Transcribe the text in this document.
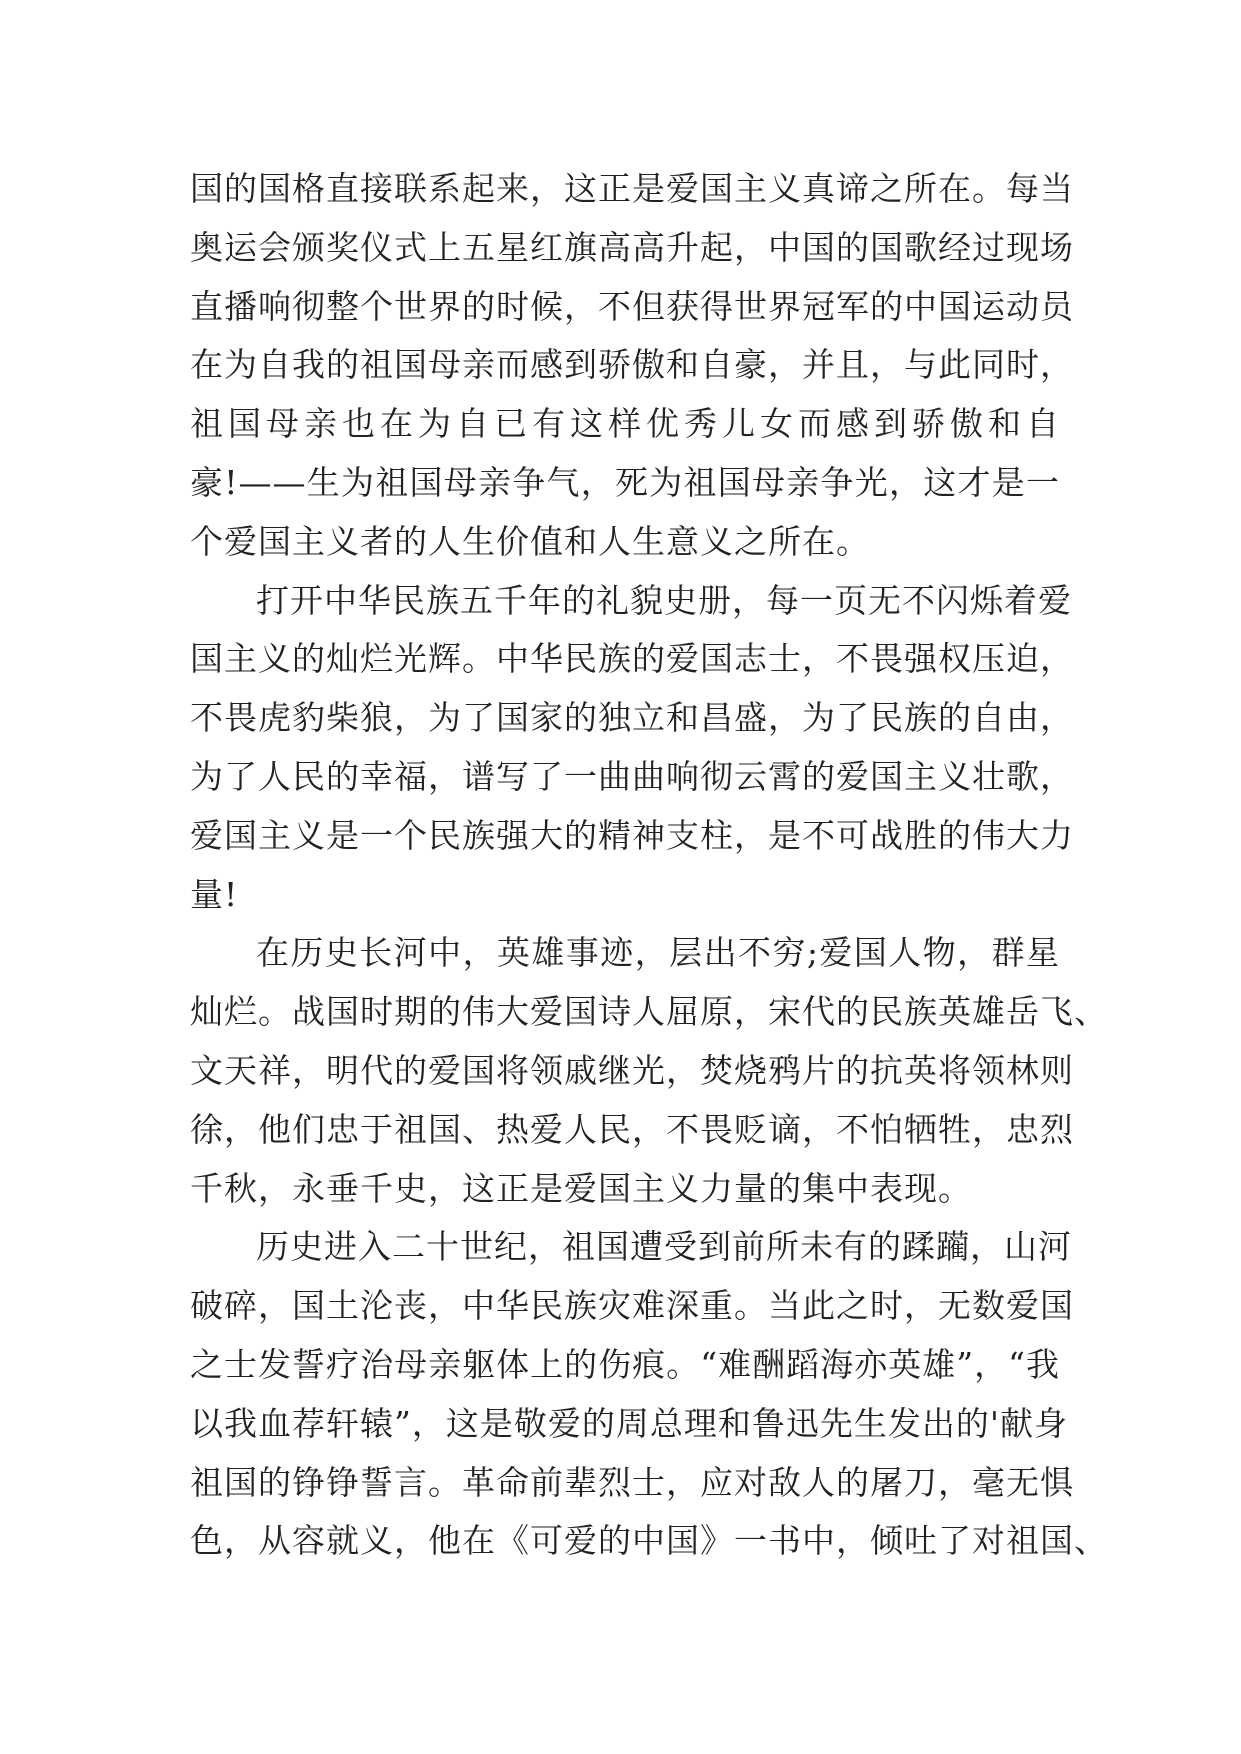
国的国格直接联系起来，这正是爱国主义真谛之所在。每当
奥运会颁奖仪式上五星红旗高高升起，中国的国歌经过现场
直播响彻整个世界的时候，不但获得世界冠军的中国运动员
在为自我的祖国母亲而感到骄傲和自豪，并且，与此同时，
祖国母亲也在为自已有这样优秀儿女而感到骄傲和自
豪!——生为祖国母亲争气，死为祖国母亲争光，这才是一
个爱国主义者的人生价值和人生意义之所在。
打开中华民族五千年的礼貌史册，每一页无不闪烁着爱
国主义的灿烂光辉。中华民族的爱国志士，不畏强权压迫，
不畏虎豹柴狼，为了国家的独立和昌盛，为了民族的自由，
为了人民的幸福，谱写了一曲曲响彻云霄的爱国主义壮歌，
爱国主义是一个民族强大的精神支柱，是不可战胜的伟大力
量!
在历史长河中，英雄事迹，层出不穷;爱国人物，群星
灿烂。战国时期的伟大爱国诗人屈原，宋代的民族英雄岳飞、
文天祥，明代的爱国将领戚继光，焚烧鸦片的抗英将领林则
徐，他们忠于祖国、热爱人民，不畏贬谪，不怕牺牲，忠烈
千秋，永垂千史，这正是爱国主义力量的集中表现。
历史进入二十世纪，祖国遭受到前所未有的蹂躏，山河
破碎，国土沦丧，中华民族灾难深重。当此之时，无数爱国
之士发誓疗治母亲躯体上的伤痕。“难酬蹈海亦英雄”，“我
以我血荐轩辕”，这是敬爱的周总理和鲁迅先生发出的'献身
祖国的铮铮誓言。革命前辈烈士，应对敌人的屠刀，毫无惧
色，从容就义，他在《可爱的中国》一书中，倾吐了对祖国、
